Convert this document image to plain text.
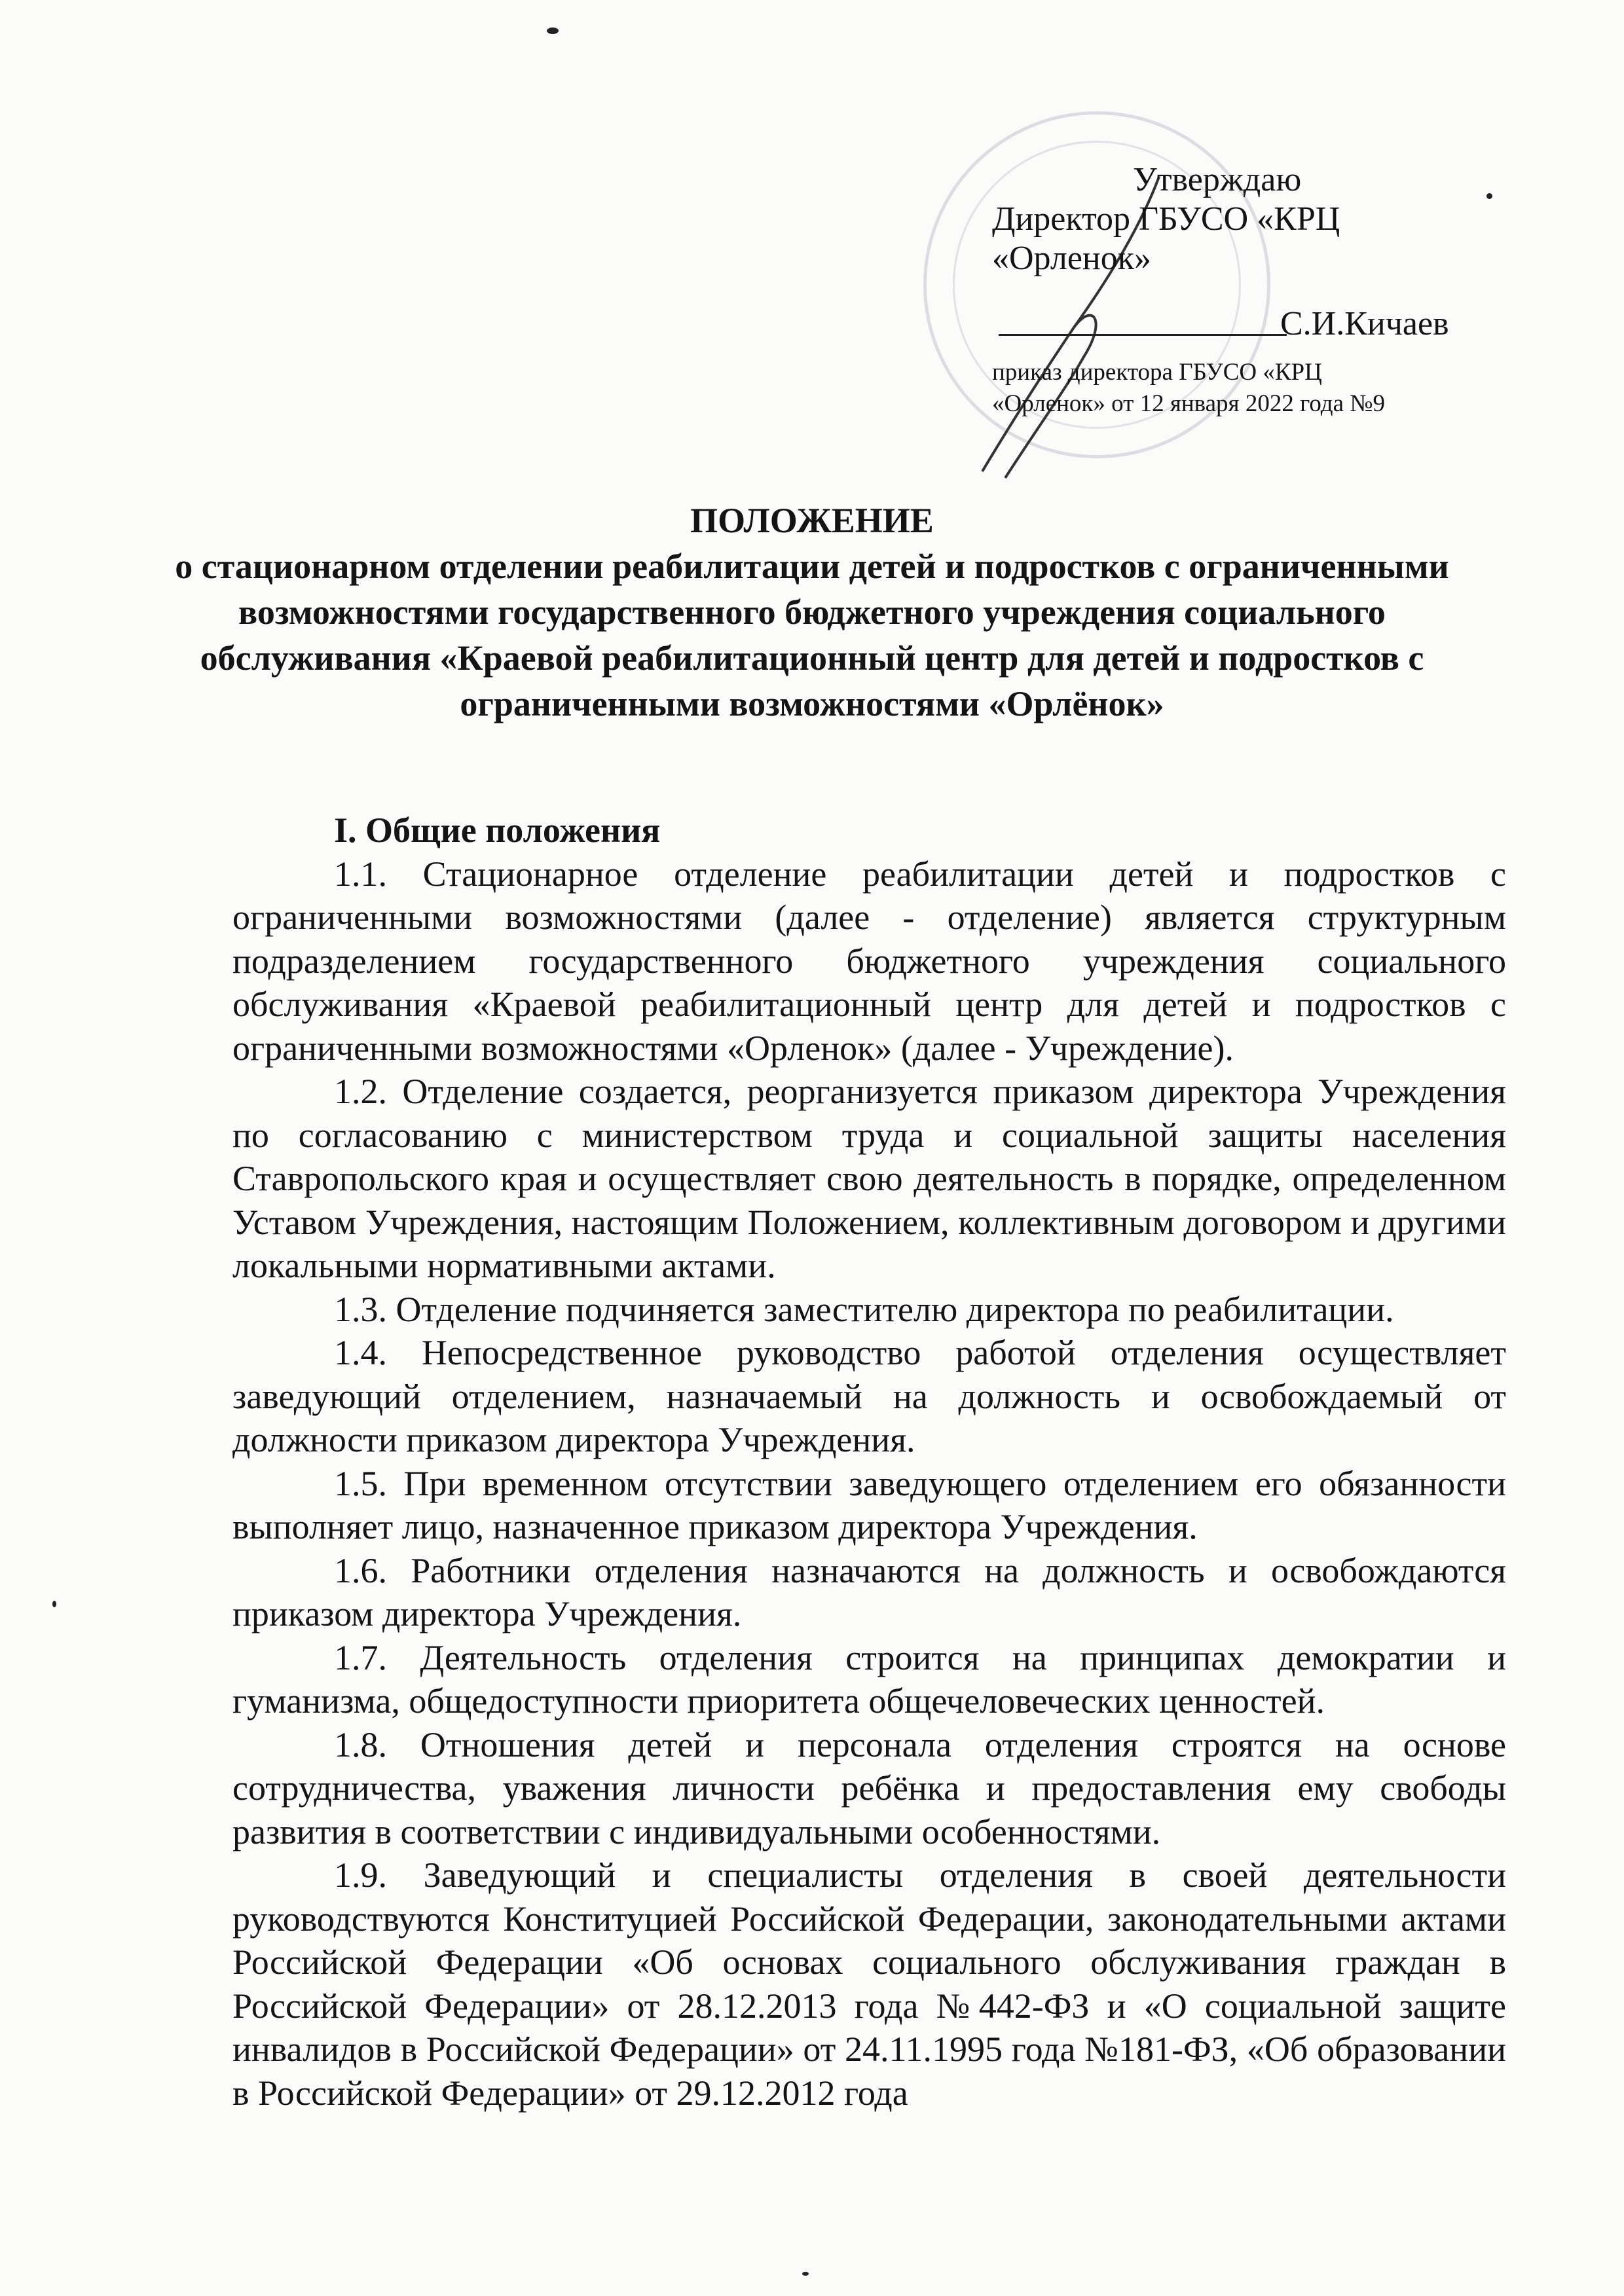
Утверждаю
Директор ГБУСО «КРЦ
«Орленок»
С.И.Кичаев
приказ директора ГБУСО «КРЦ
«Орленок» от 12 января 2022 года №9
ПОЛОЖЕНИЕ
о стационарном отделении реабилитации детей и подростков с ограниченными возможностями государственного бюджетного учреждения социального обслуживания «Краевой реабилитационный центр для детей и подростков с ограниченными возможностями «Орлёнок»
I. Общие положения

1.1. Стационарное отделение реабилитации детей и подростков с ограниченными возможностями (далее - отделение) является структурным подразделением государственного бюджетного учреждения социального обслуживания «Краевой реабилитационный центр для детей и подростков с ограниченными возможностями «Орленок» (далее - Учреждение).

1.2. Отделение создается, реорганизуется приказом директора Учреждения по согласованию с министерством труда и социальной защиты населения Ставропольского края и осуществляет свою деятельность в порядке, определенном Уставом Учреждения, настоящим Положением, коллективным договором и другими локальными нормативными актами.

1.3. Отделение подчиняется заместителю директора по реабилитации.

1.4. Непосредственное руководство работой отделения осуществляет заведующий отделением, назначаемый на должность и освобождаемый от должности приказом директора Учреждения.

1.5. При временном отсутствии заведующего отделением его обязанности выполняет лицо, назначенное приказом директора Учреждения.

1.6. Работники отделения назначаются на должность и освобождаются приказом директора Учреждения.

1.7. Деятельность отделения строится на принципах демократии и гуманизма, общедоступности приоритета общечеловеческих ценностей.

1.8. Отношения детей и персонала отделения строятся на основе сотрудничества, уважения личности ребёнка и предоставления ему свободы развития в соответствии с индивидуальными особенностями.

1.9. Заведующий и специалисты отделения в своей деятельности руководствуются Конституцией Российской Федерации, законодательными актами Российской Федерации «Об основах социального обслуживания граждан в Российской Федерации» от 28.12.2013 года №442-ФЗ и «О социальной защите инвалидов в Российской Федерации» от 24.11.1995 года №181-ФЗ, «Об образовании в Российской Федерации» от 29.12.2012 года
